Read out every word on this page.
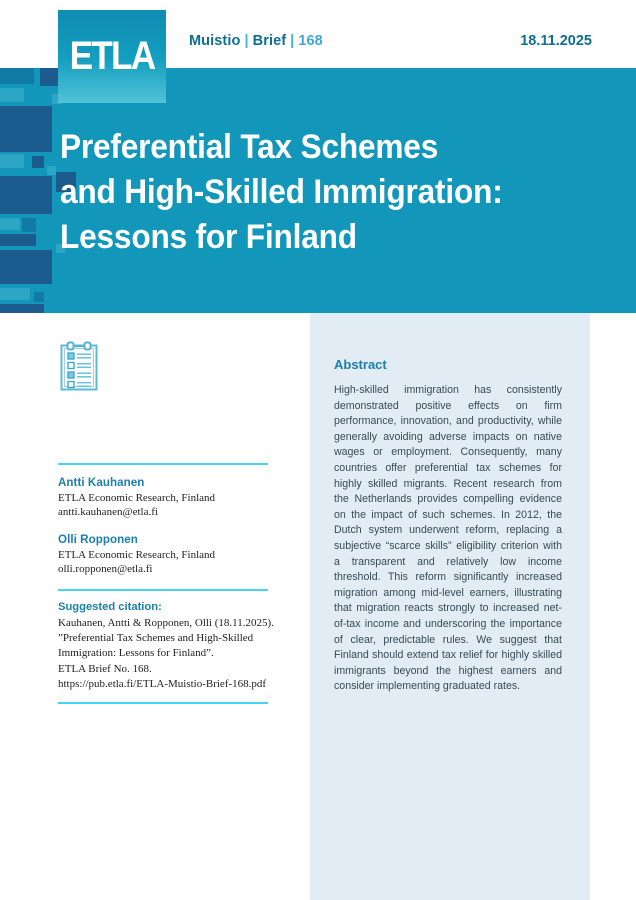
Muistio | Brief | 168	18.11.2025
Preferential Tax Schemes
and High-Skilled Immigration:
Lessons for Finland
ETLA
Abstract
High-skilled immigration has consistently demonstrated positive effects on firm performance, innovation, and productivity, while generally avoiding adverse impacts on native wages or employment. Consequently, many countries offer preferential tax schemes for highly skilled migrants. Recent research from the Netherlands provides compelling evidence on the impact of such schemes. In 2012, the Dutch system underwent reform, replacing a subjective “scarce skills” eligibility criterion with a transparent and relatively low income threshold. This reform significantly increased migration among mid-level earners, illustrating that migration reacts strongly to increased net-of-tax income and underscoring the importance of clear, predictable rules. We suggest that Finland should extend tax relief for highly skilled immigrants beyond the highest earners and consider implementing graduated rates.
Antti Kauhanen
ETLA Economic Research, Finland
antti.kauhanen@etla.fi
Olli Ropponen
ETLA Economic Research, Finland
olli.ropponen@etla.fi
Suggested citation:
Kauhanen, Antti & Ropponen, Olli (18.11.2025).
”Preferential Tax Schemes and High-Skilled
Immigration: Lessons for Finland”.
ETLA Brief No. 168.
https://pub.etla.fi/ETLA-Muistio-Brief-168.pdf
